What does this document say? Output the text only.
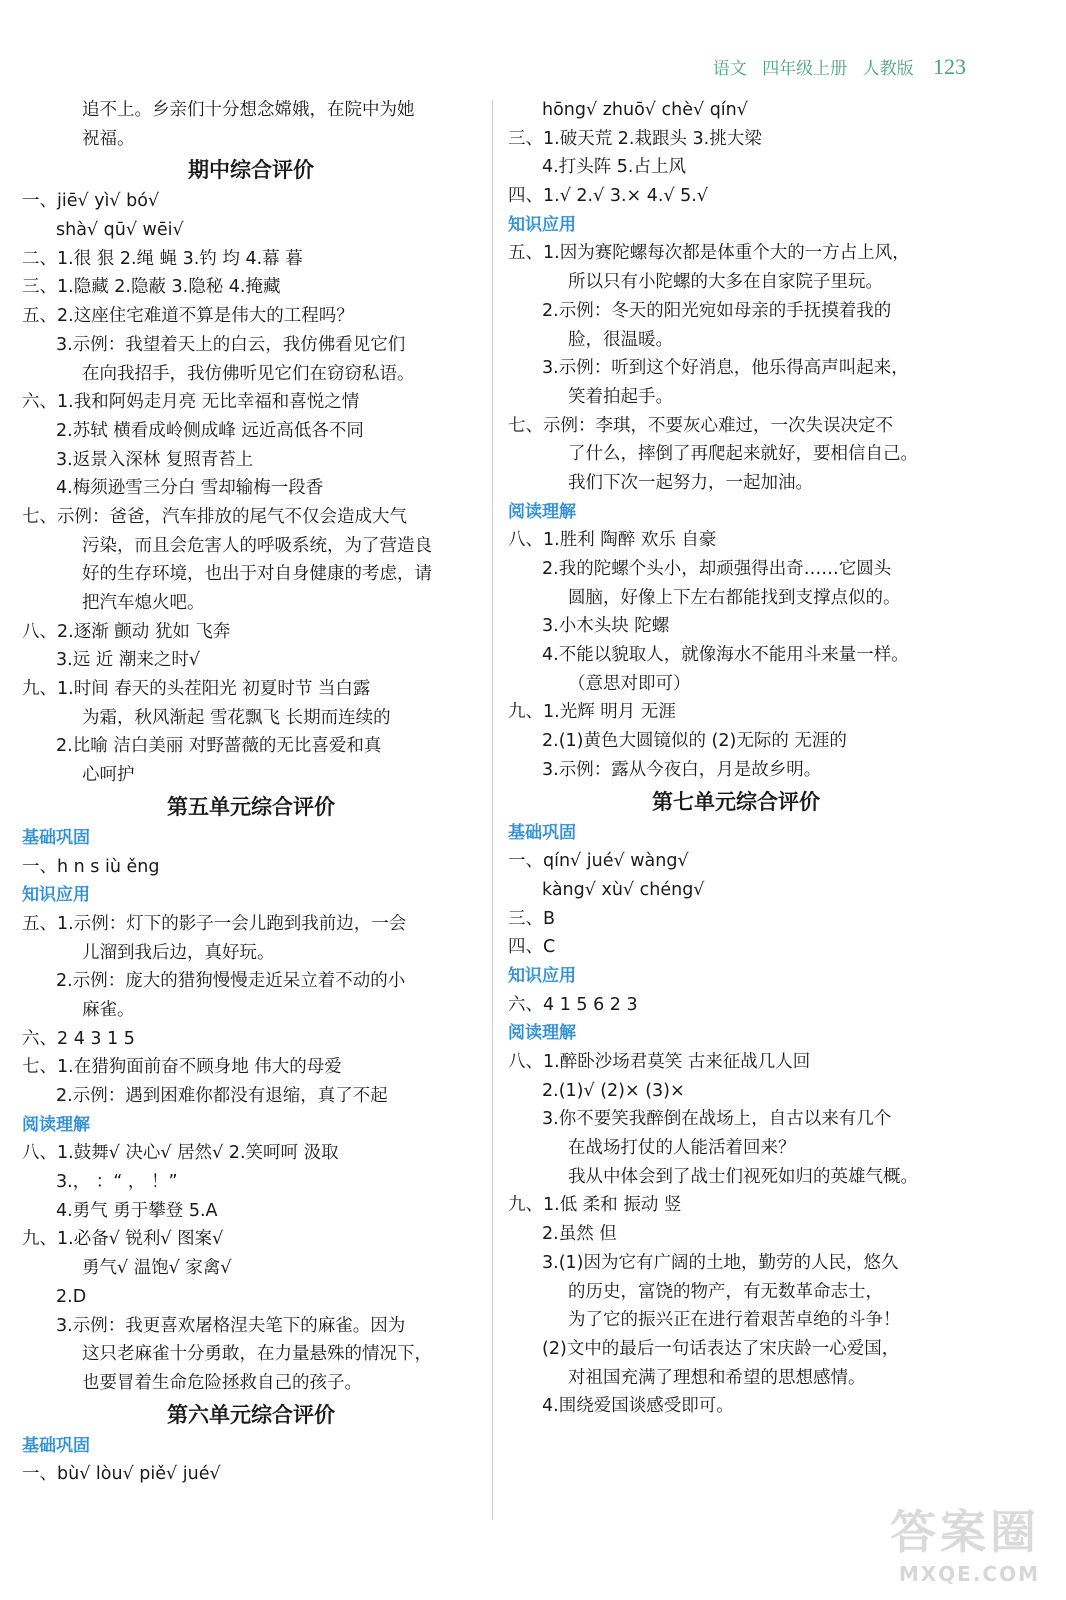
语文 四年级上册 人教版 123
追不上。乡亲们十分想念嫦娥，在院中为她
祝福。
期中综合评价
一、jiē√ yì√ bó√
shà√ qū√ wēi√
二、1.很 狠 2.绳 蝇 3.钓 均 4.幕 暮
三、1.隐藏 2.隐蔽 3.隐秘 4.掩藏
五、2.这座住宅难道不算是伟大的工程吗？
3.示例：我望着天上的白云，我仿佛看见它们
在向我招手，我仿佛听见它们在窃窃私语。
六、1.我和阿妈走月亮 无比幸福和喜悦之情
2.苏轼 横看成岭侧成峰 远近高低各不同
3.返景入深林 复照青苔上
4.梅须逊雪三分白 雪却输梅一段香
七、示例：爸爸，汽车排放的尾气不仅会造成大气
污染，而且会危害人的呼吸系统，为了营造良
好的生存环境，也出于对自身健康的考虑，请
把汽车熄火吧。
八、2.逐渐 颤动 犹如 飞奔
3.远 近 潮来之时√
九、1.时间 春天的头茬阳光 初夏时节 当白露
为霜，秋风渐起 雪花飘飞 长期而连续的
2.比喻 洁白美丽 对野蔷薇的无比喜爱和真
心呵护
第五单元综合评价
基础巩固
一、h n s iù ěng
知识应用
五、1.示例：灯下的影子一会儿跑到我前边，一会
儿溜到我后边，真好玩。
2.示例：庞大的猎狗慢慢走近呆立着不动的小
麻雀。
六、2 4 3 1 5
七、1.在猎狗面前奋不顾身地 伟大的母爱
2.示例：遇到困难你都没有退缩，真了不起
阅读理解
八、1.鼓舞√ 决心√ 居然√ 2.笑呵呵 汲取
3.， ：“ ， ！”
4.勇气 勇于攀登 5.A
九、1.必备√ 锐利√ 图案√
勇气√ 温饱√ 家禽√
2.D
3.示例：我更喜欢屠格涅夫笔下的麻雀。因为
这只老麻雀十分勇敢，在力量悬殊的情况下，
也要冒着生命危险拯救自己的孩子。
第六单元综合评价
基础巩固
一、bù√ lòu√ piě√ jué√
hōng√ zhuō√ chè√ qín√
三、1.破天荒 2.栽跟头 3.挑大梁
4.打头阵 5.占上风
四、1.√ 2.√ 3.× 4.√ 5.√
知识应用
五、1.因为赛陀螺每次都是体重个大的一方占上风，
所以只有小陀螺的大多在自家院子里玩。
2.示例：冬天的阳光宛如母亲的手抚摸着我的
脸，很温暖。
3.示例：听到这个好消息，他乐得高声叫起来，
笑着拍起手。
七、示例：李琪，不要灰心难过，一次失误决定不
了什么，摔倒了再爬起来就好，要相信自己。
我们下次一起努力，一起加油。
阅读理解
八、1.胜利 陶醉 欢乐 自豪
2.我的陀螺个头小，却顽强得出奇……它圆头
圆脑，好像上下左右都能找到支撑点似的。
3.小木头块 陀螺
4.不能以貌取人，就像海水不能用斗来量一样。
（意思对即可）
九、1.光辉 明月 无涯
2.(1)黄色大圆镜似的 (2)无际的 无涯的
3.示例：露从今夜白，月是故乡明。
第七单元综合评价
基础巩固
一、qín√ jué√ wàng√
kàng√ xù√ chéng√
三、B
四、C
知识应用
六、4 1 5 6 2 3
阅读理解
八、1.醉卧沙场君莫笑 古来征战几人回
2.(1)√ (2)× (3)×
3.你不要笑我醉倒在战场上，自古以来有几个
在战场打仗的人能活着回来？
我从中体会到了战士们视死如归的英雄气概。
九、1.低 柔和 振动 竖
2.虽然 但
3.(1)因为它有广阔的土地，勤劳的人民，悠久
的历史，富饶的物产，有无数革命志士，
为了它的振兴正在进行着艰苦卓绝的斗争！
(2)文中的最后一句话表达了宋庆龄一心爱国，
对祖国充满了理想和希望的思想感情。
4.围绕爱国谈感受即可。
答案圈
MXQE.COM
